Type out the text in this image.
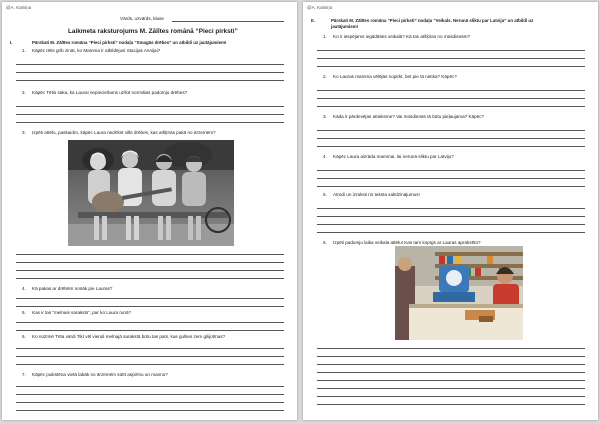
@A. Kalniņa
Vārds, uzvārds, klase
Laikmeta raksturojums M. Zālītes romānā “Pieci pirksti”
I.	Pārskati M. Zālītes romāna “Pieci pirksti” nodaļu “Smagās drēbes” un atbildi uz jautājumiem!
1. Kāpēc tētis grib zināt, ko Mamma ir atbildējusi Stacijas Annijai?
2. Kāpēc Tētis saka, ka Laurai nepieciešams uzšūt normālas padomju drēbes?
3. Izpēti attēlu, paskaidro, kāpēc Laura nedrīkst vilkt drēbes, kas atšķīrās pakā no ārzemēm?
4. Kā pakas ar drēbēm nonāk pie Lauras?
5. Kas ir tas “melnais saraksts”, par ko Laura runā?
6. Ko nozīmē Tēta vārdi Tikt vēl viendi melnajā sarakstā būtu tas pats, kas gulties zem gilijotīnas?
7. Kāpēc puikstēna vietā labāk no ārzemēm sūtīt aspirīnu un mannu?
@A. Kalniņa
II.	Pārskati M. Zālītes romāna “Pieci pirksti” nodaļu “Veikals. Nerunā sliktu par Latviju” un atbildi uz
jautājumiem!
1. Ko ir iespējams iegādāties veikalā? Kā tas atšķiras no mūsdienām?
2. Ko Lauras mamma vēlējās nopirkt, bet pie tā netika? Kāpēc?
3. Kāda ir pārdevējas attieksme? Vai mūsdienās tā būtu pieļaujama? Kāpēc?
4. Kāpēc Laura aizrāda mammai, lai nerunā sliktu par Latviju?
5. Atrodi un izraksti no teksta salīdzinājumus!
6. Izpēti padomju laika veikala attēlu! Kas tam kopīgs ar Lauras aprakstīto?
